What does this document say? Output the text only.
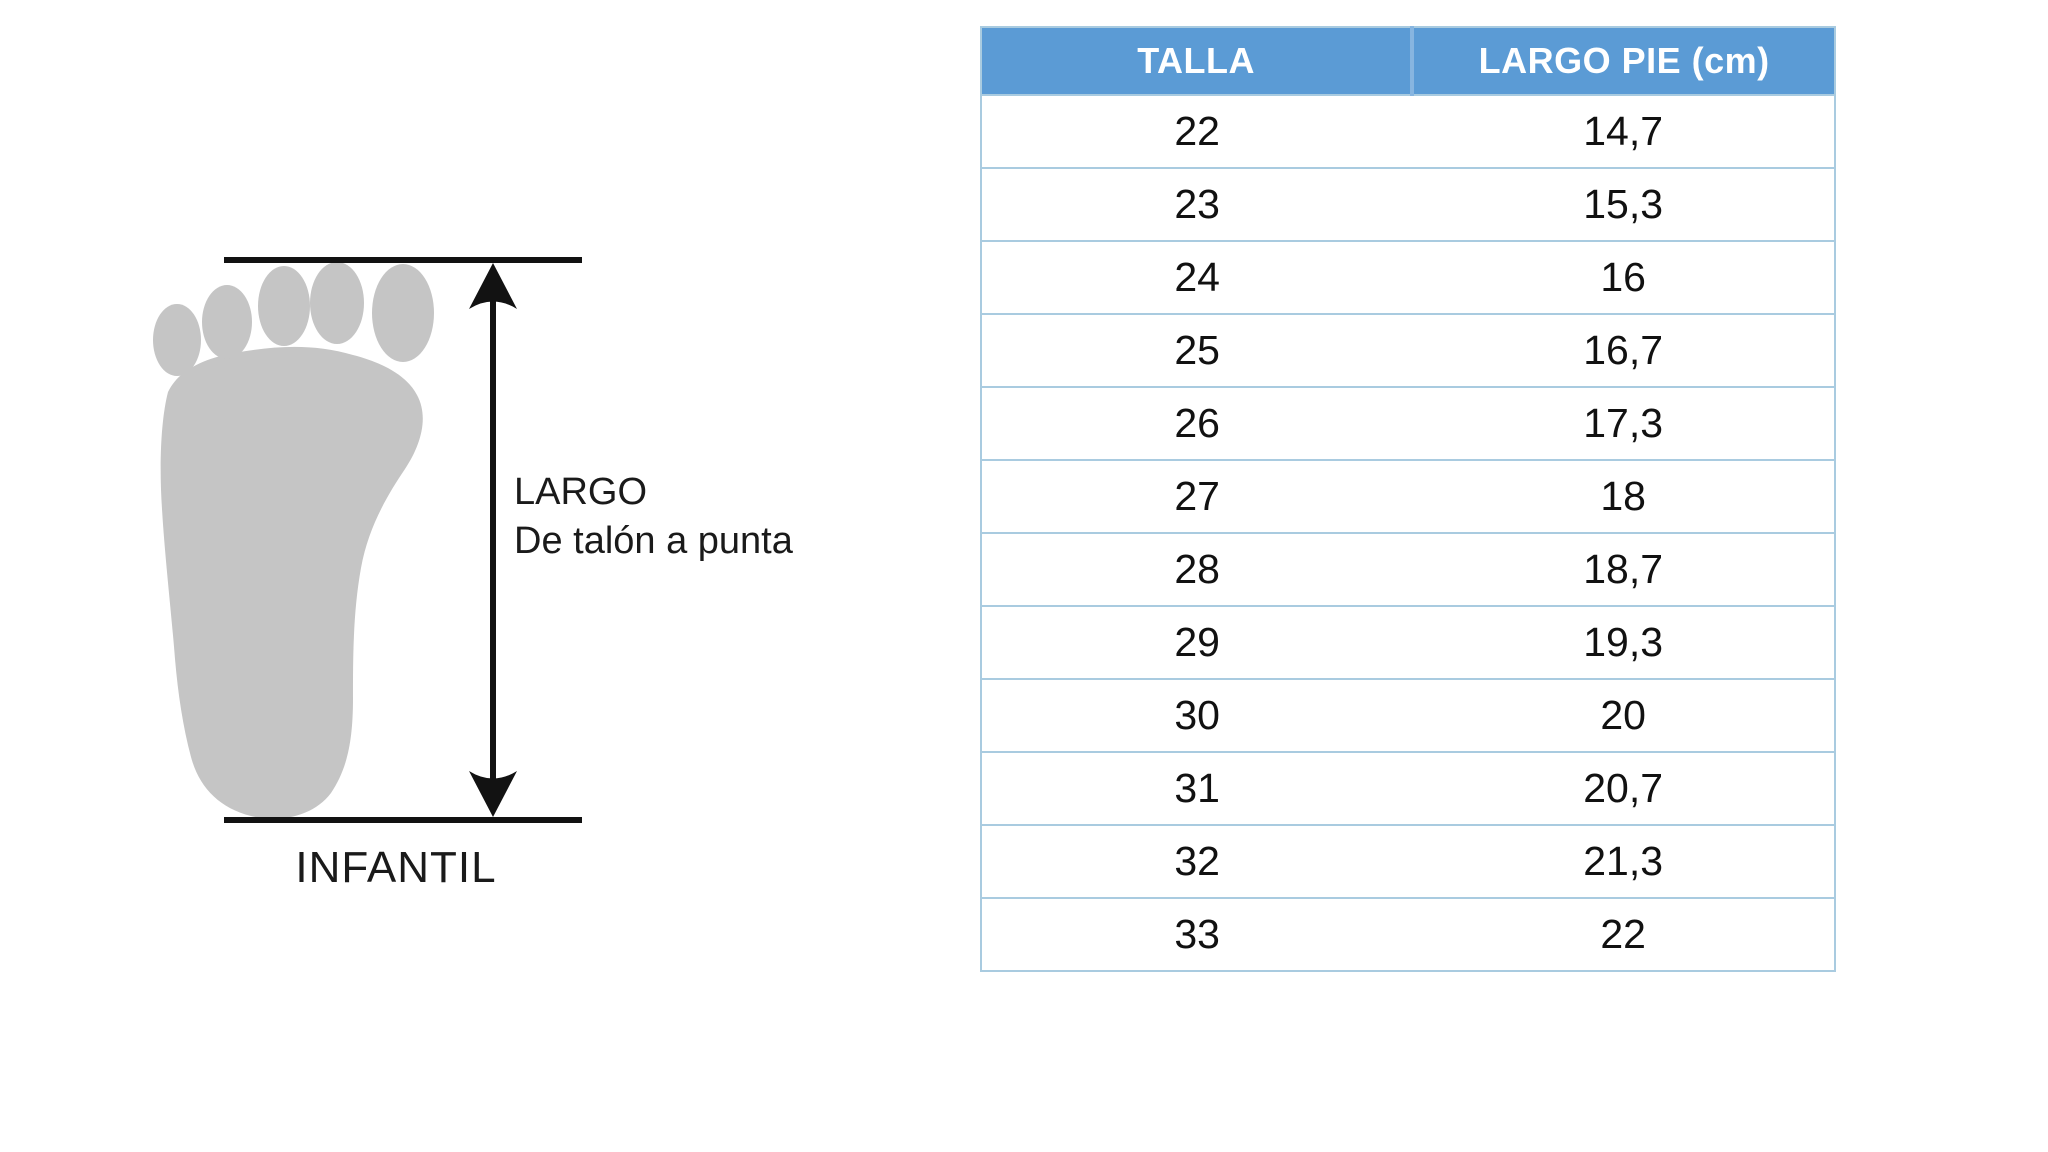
LARGO
De talón a punta
INFANTIL
TALLA	LARGO PIE (cm)
22	14,7
23	15,3
24	16
25	16,7
26	17,3
27	18
28	18,7
29	19,3
30	20
31	20,7
32	21,3
33	22
